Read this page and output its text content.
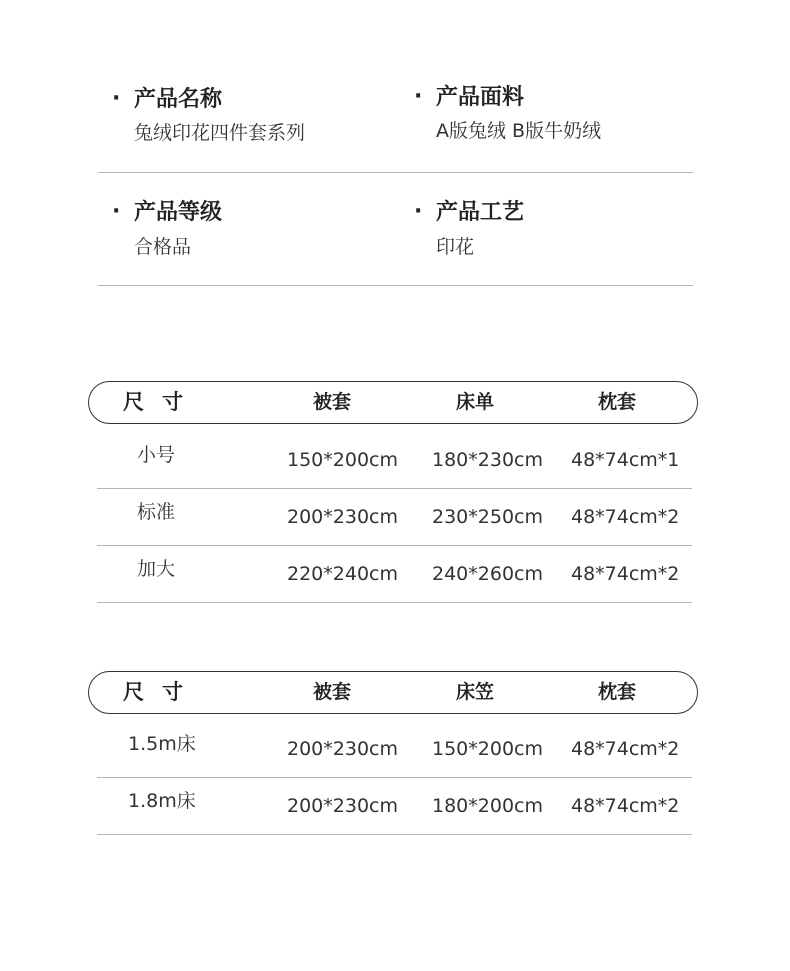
· 产品名称
兔绒印花四件套系列
· 产品面料
A版兔绒 B版牛奶绒
· 产品等级
合格品
· 产品工艺
印花
尺寸	被套	床单	枕套
小号	150*200cm 180*230cm 48*74cm*1
标准	200*230cm 230*250cm 48*74cm*2
加大	220*240cm 240*260cm 48*74cm*2
尺寸	被套	床笠	枕套
1.5m床	200*230cm 150*200cm 48*74cm*2
1.8m床	200*230cm 180*200cm 48*74cm*2
